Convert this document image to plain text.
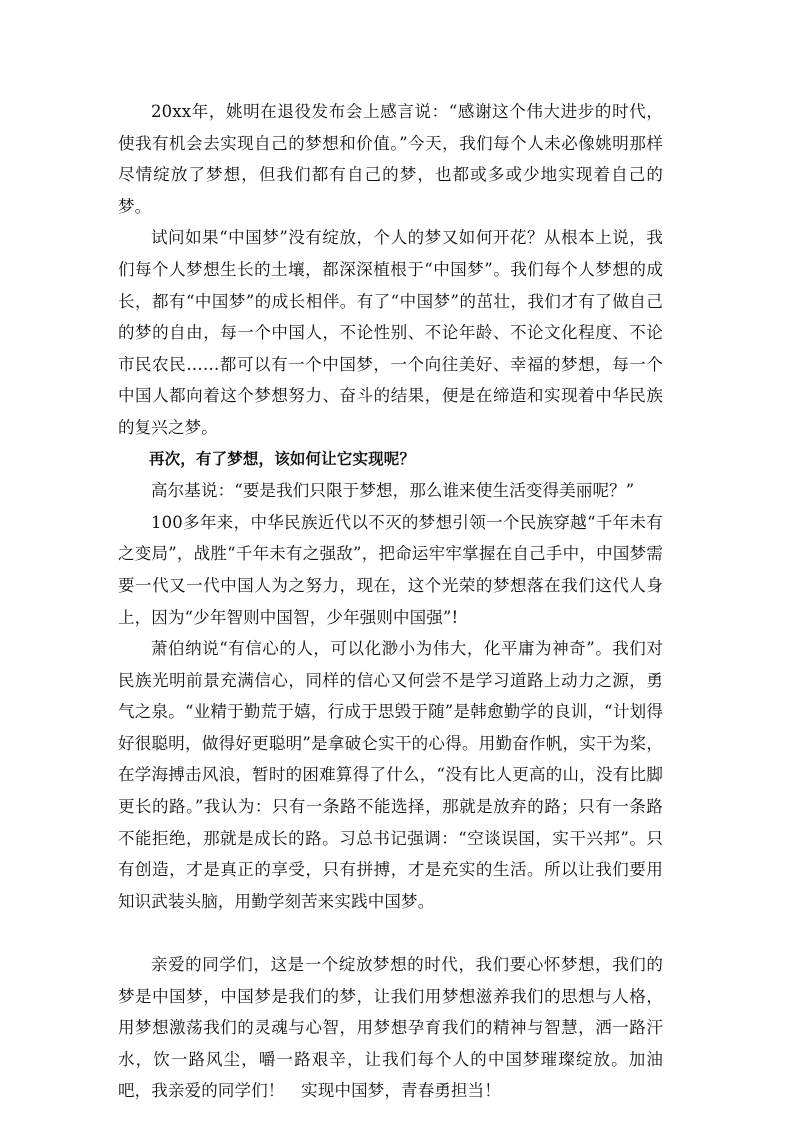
20xx年，姚明在退役发布会上感言说：“感谢这个伟大进步的时代，使我有机会去实现自己的梦想和价值。”今天，我们每个人未必像姚明那样尽情绽放了梦想，但我们都有自己的梦，也都或多或少地实现着自己的梦。

试问如果“中国梦”没有绽放，个人的梦又如何开花？从根本上说，我们每个人梦想生长的土壤，都深深植根于“中国梦”。我们每个人梦想的成长，都有“中国梦”的成长相伴。有了“中国梦”的茁壮，我们才有了做自己的梦的自由，每一个中国人，不论性别、不论年龄、不论文化程度、不论市民农民……都可以有一个中国梦，一个向往美好、幸福的梦想，每一个中国人都向着这个梦想努力、奋斗的结果，便是在缔造和实现着中华民族的复兴之梦。

再次，有了梦想，该如何让它实现呢？

高尔基说：“要是我们只限于梦想，那么谁来使生活变得美丽呢？”

100多年来，中华民族近代以不灭的梦想引领一个民族穿越“千年未有之变局”，战胜“千年未有之强敌”，把命运牢牢掌握在自己手中，中国梦需要一代又一代中国人为之努力，现在，这个光荣的梦想落在我们这代人身上，因为“少年智则中国智，少年强则中国强”!

萧伯纳说“有信心的人，可以化渺小为伟大，化平庸为神奇”。我们对民族光明前景充满信心，同样的信心又何尝不是学习道路上动力之源，勇气之泉。“业精于勤荒于嬉，行成于思毁于随”是韩愈勤学的良训，“计划得好很聪明，做得好更聪明”是拿破仑实干的心得。用勤奋作帆，实干为桨，在学海搏击风浪，暂时的困难算得了什么，“没有比人更高的山，没有比脚更长的路。”我认为：只有一条路不能选择，那就是放弃的路；只有一条路不能拒绝，那就是成长的路。习总书记强调：“空谈误国，实干兴邦”。只有创造，才是真正的享受，只有拼搏，才是充实的生活。所以让我们要用知识武装头脑，用勤学刻苦来实践中国梦。

亲爱的同学们，这是一个绽放梦想的时代，我们要心怀梦想，我们的梦是中国梦，中国梦是我们的梦，让我们用梦想滋养我们的思想与人格，用梦想激荡我们的灵魂与心智，用梦想孕育我们的精神与智慧，洒一路汗水，饮一路风尘，嚼一路艰辛，让我们每个人的中国梦璀璨绽放。加油吧，我亲爱的同学们！　实现中国梦，青春勇担当！
